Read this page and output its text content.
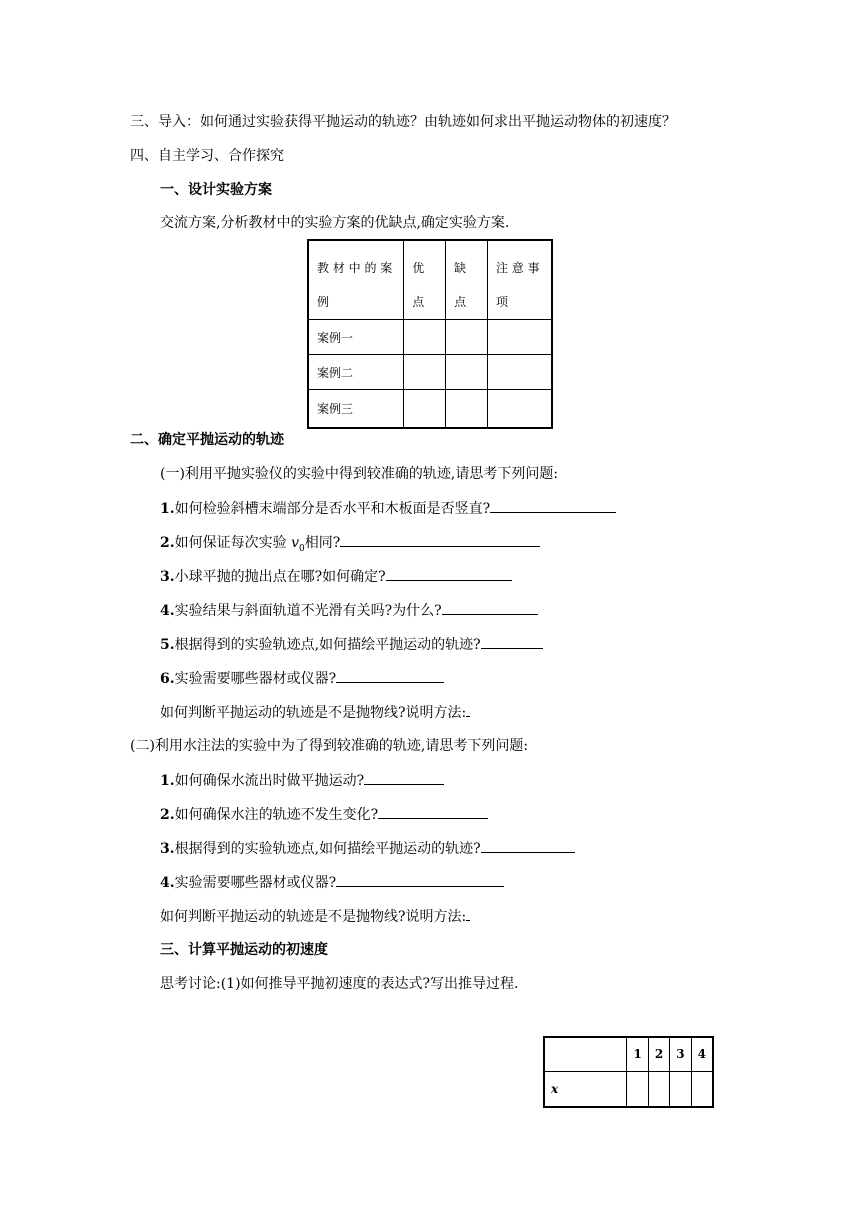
三、导入：如何通过实验获得平抛运动的轨迹？由轨迹如何求出平抛运动物体的初速度？
四、自主学习、合作探究
一、设计实验方案
交流方案,分析教材中的实验方案的优缺点,确定实验方案.
教 材 中 的 案 例	优 点	缺 点	注 意 事 项
案例一			
案例二			
案例三			
二、确定平抛运动的轨迹
(一)利用平抛实验仪的实验中得到较准确的轨迹,请思考下列问题:
1.如何检验斜槽末端部分是否水平和木板面是否竖直?
2.如何保证每次实验 $v_0$相同?
3.小球平抛的抛出点在哪?如何确定?
4.实验结果与斜面轨道不光滑有关吗?为什么?
5.根据得到的实验轨迹点,如何描绘平抛运动的轨迹?
6.实验需要哪些器材或仪器?
如何判断平抛运动的轨迹是不是抛物线?说明方法:
(二)利用水注法的实验中为了得到较准确的轨迹,请思考下列问题:
1.如何确保水流出时做平抛运动?
2.如何确保水注的轨迹不发生变化?
3.根据得到的实验轨迹点,如何描绘平抛运动的轨迹?
4.实验需要哪些器材或仪器?
如何判断平抛运动的轨迹是不是抛物线?说明方法:
三、计算平抛运动的初速度
思考讨论:(1)如何推导平抛初速度的表达式?写出推导过程.
	1	2	3	4
x				
